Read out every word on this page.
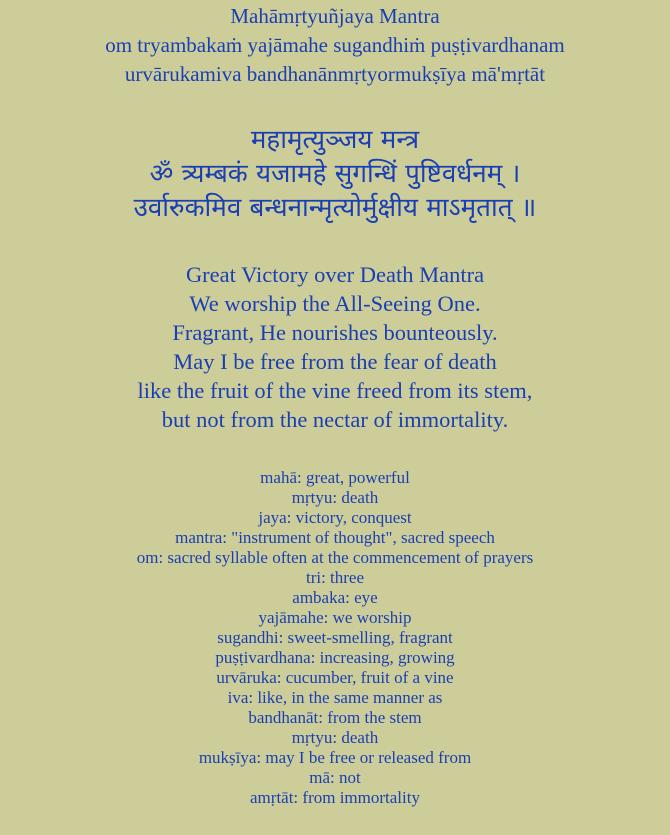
Mahāmṛtyuñjaya Mantra
om tryambakaṁ yajāmahe sugandhiṁ puṣṭivardhanam
urvārukamiva bandhanānmṛtyormukṣīya mā'mṛtāt
महामृत्युञ्जय मन्त्र
ॐ त्र्यम्बकं यजामहे सुगन्धिं पुष्टिवर्धनम् ।
उर्वारुकमिव बन्धनान्मृत्योर्मुक्षीय माऽमृतात् ॥
Great Victory over Death Mantra
We worship the All-Seeing One.
Fragrant, He nourishes bounteously.
May I be free from the fear of death
like the fruit of the vine freed from its stem,
but not from the nectar of immortality.
mahā: great, powerful
mṛtyu: death
jaya: victory, conquest
mantra: "instrument of thought", sacred speech
om: sacred syllable often at the commencement of prayers
tri: three
ambaka: eye
yajāmahe: we worship
sugandhi: sweet-smelling, fragrant
puṣṭivardhana: increasing, growing
urvāruka: cucumber, fruit of a vine
iva: like, in the same manner as
bandhanāt: from the stem
mṛtyu: death
mukṣīya: may I be free or released from
mā: not
amṛtāt: from immortality
